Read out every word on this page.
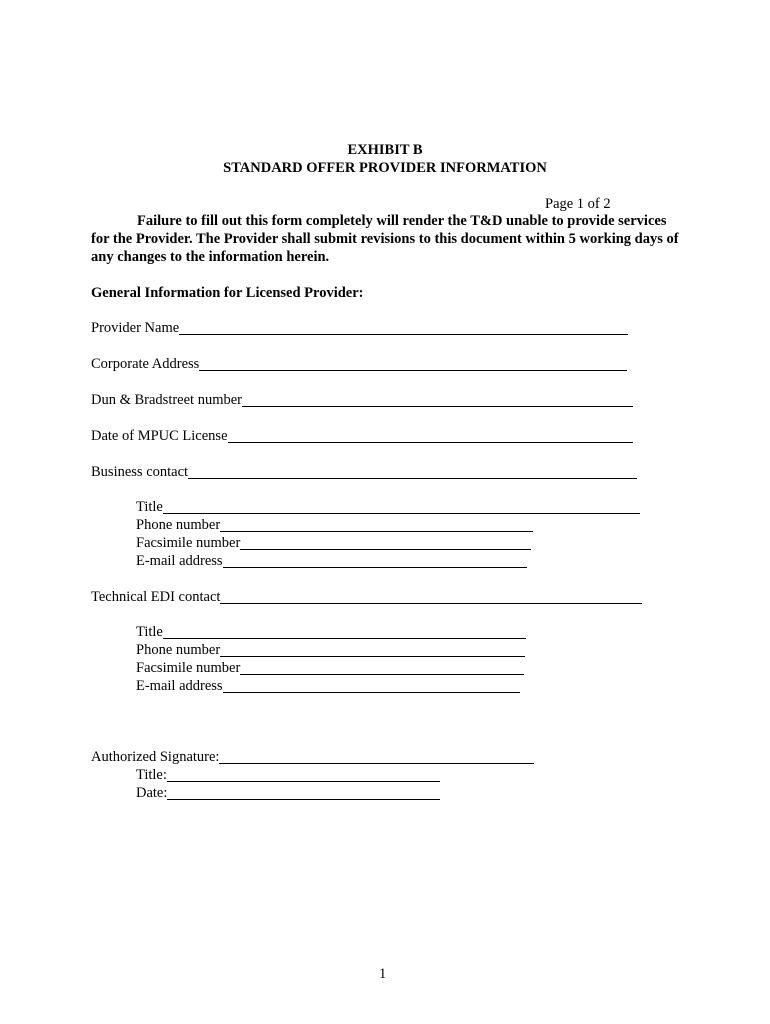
EXHIBIT B
STANDARD OFFER PROVIDER INFORMATION
Page 1 of 2
Failure to fill out this form completely will render the T&D unable to provide services for the Provider. The Provider shall submit revisions to this document within 5 working days of any changes to the information herein.
General Information for Licensed Provider:
Provider Name
Corporate Address
Dun & Bradstreet number
Date of MPUC License
Business contact
Title
Phone number
Facsimile number
E-mail address
Technical EDI contact
Title
Phone number
Facsimile number
E-mail address
Authorized Signature:
Title:
Date:
1
